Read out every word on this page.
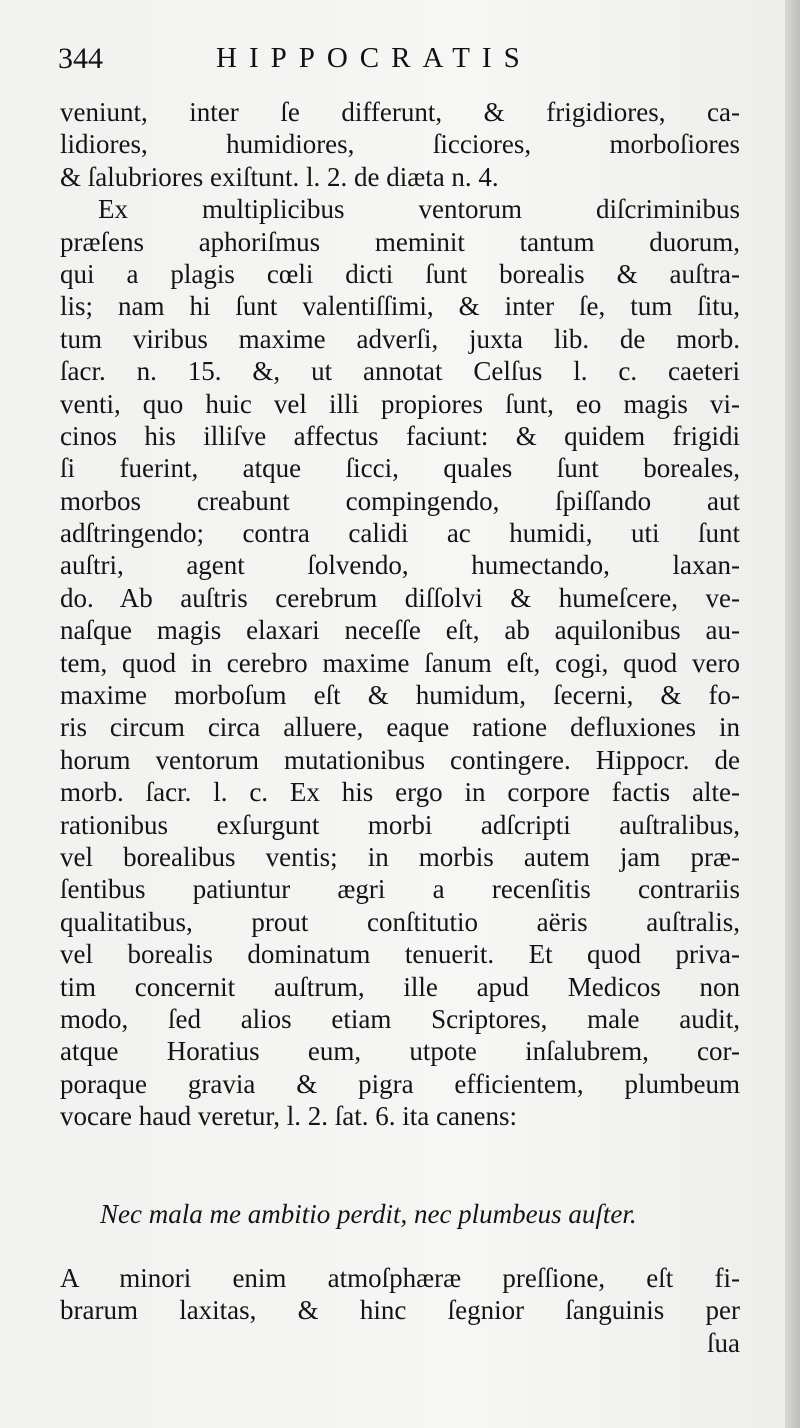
344	HIPPOCRATIS
veniunt, inter ſe differunt, & frigidiores, ca-
lidiores, humidiores, ſicciores, morboſiores
& ſalubriores exiſtunt. l. 2. de diæta n. 4.
Ex multiplicibus ventorum diſcriminibus
præſens aphoriſmus meminit tantum duorum,
qui a plagis cœli dicti ſunt borealis & auſtra-
lis; nam hi ſunt valentiſſimi, & inter ſe, tum ſitu,
tum viribus maxime adverſi, juxta lib. de morb.
ſacr. n. 15. &, ut annotat Celſus l. c. caeteri
venti, quo huic vel illi propiores ſunt, eo magis vi-
cinos his illiſve affectus faciunt: & quidem frigidi
ſi fuerint, atque ſicci, quales ſunt boreales,
morbos creabunt compingendo, ſpiſſando aut
adſtringendo; contra calidi ac humidi, uti ſunt
auſtri, agent ſolvendo, humectando, laxan-
do. Ab auſtris cerebrum diſſolvi & humeſcere, ve-
naſque magis elaxari neceſſe eſt, ab aquilonibus au-
tem, quod in cerebro maxime ſanum eſt, cogi, quod vero
maxime morboſum eſt & humidum, ſecerni, & fo-
ris circum circa alluere, eaque ratione defluxiones in
horum ventorum mutationibus contingere. Hippocr. de
morb. ſacr. l. c. Ex his ergo in corpore factis alte-
rationibus exſurgunt morbi adſcripti auſtralibus,
vel borealibus ventis; in morbis autem jam præ-
ſentibus patiuntur ægri a recenſitis contrariis
qualitatibus, prout conſtitutio aëris auſtralis,
vel borealis dominatum tenuerit. Et quod priva-
tim concernit auſtrum, ille apud Medicos non
modo, ſed alios etiam Scriptores, male audit,
atque Horatius eum, utpote inſalubrem, cor-
poraque gravia & pigra efficientem, plumbeum
vocare haud veretur, l. 2. ſat. 6. ita canens:
Nec mala me ambitio perdit, nec plumbeus auſter.
A minori enim atmoſphæræ preſſione, eſt fi-
brarum laxitas, & hinc ſegnior ſanguinis per
ſua
